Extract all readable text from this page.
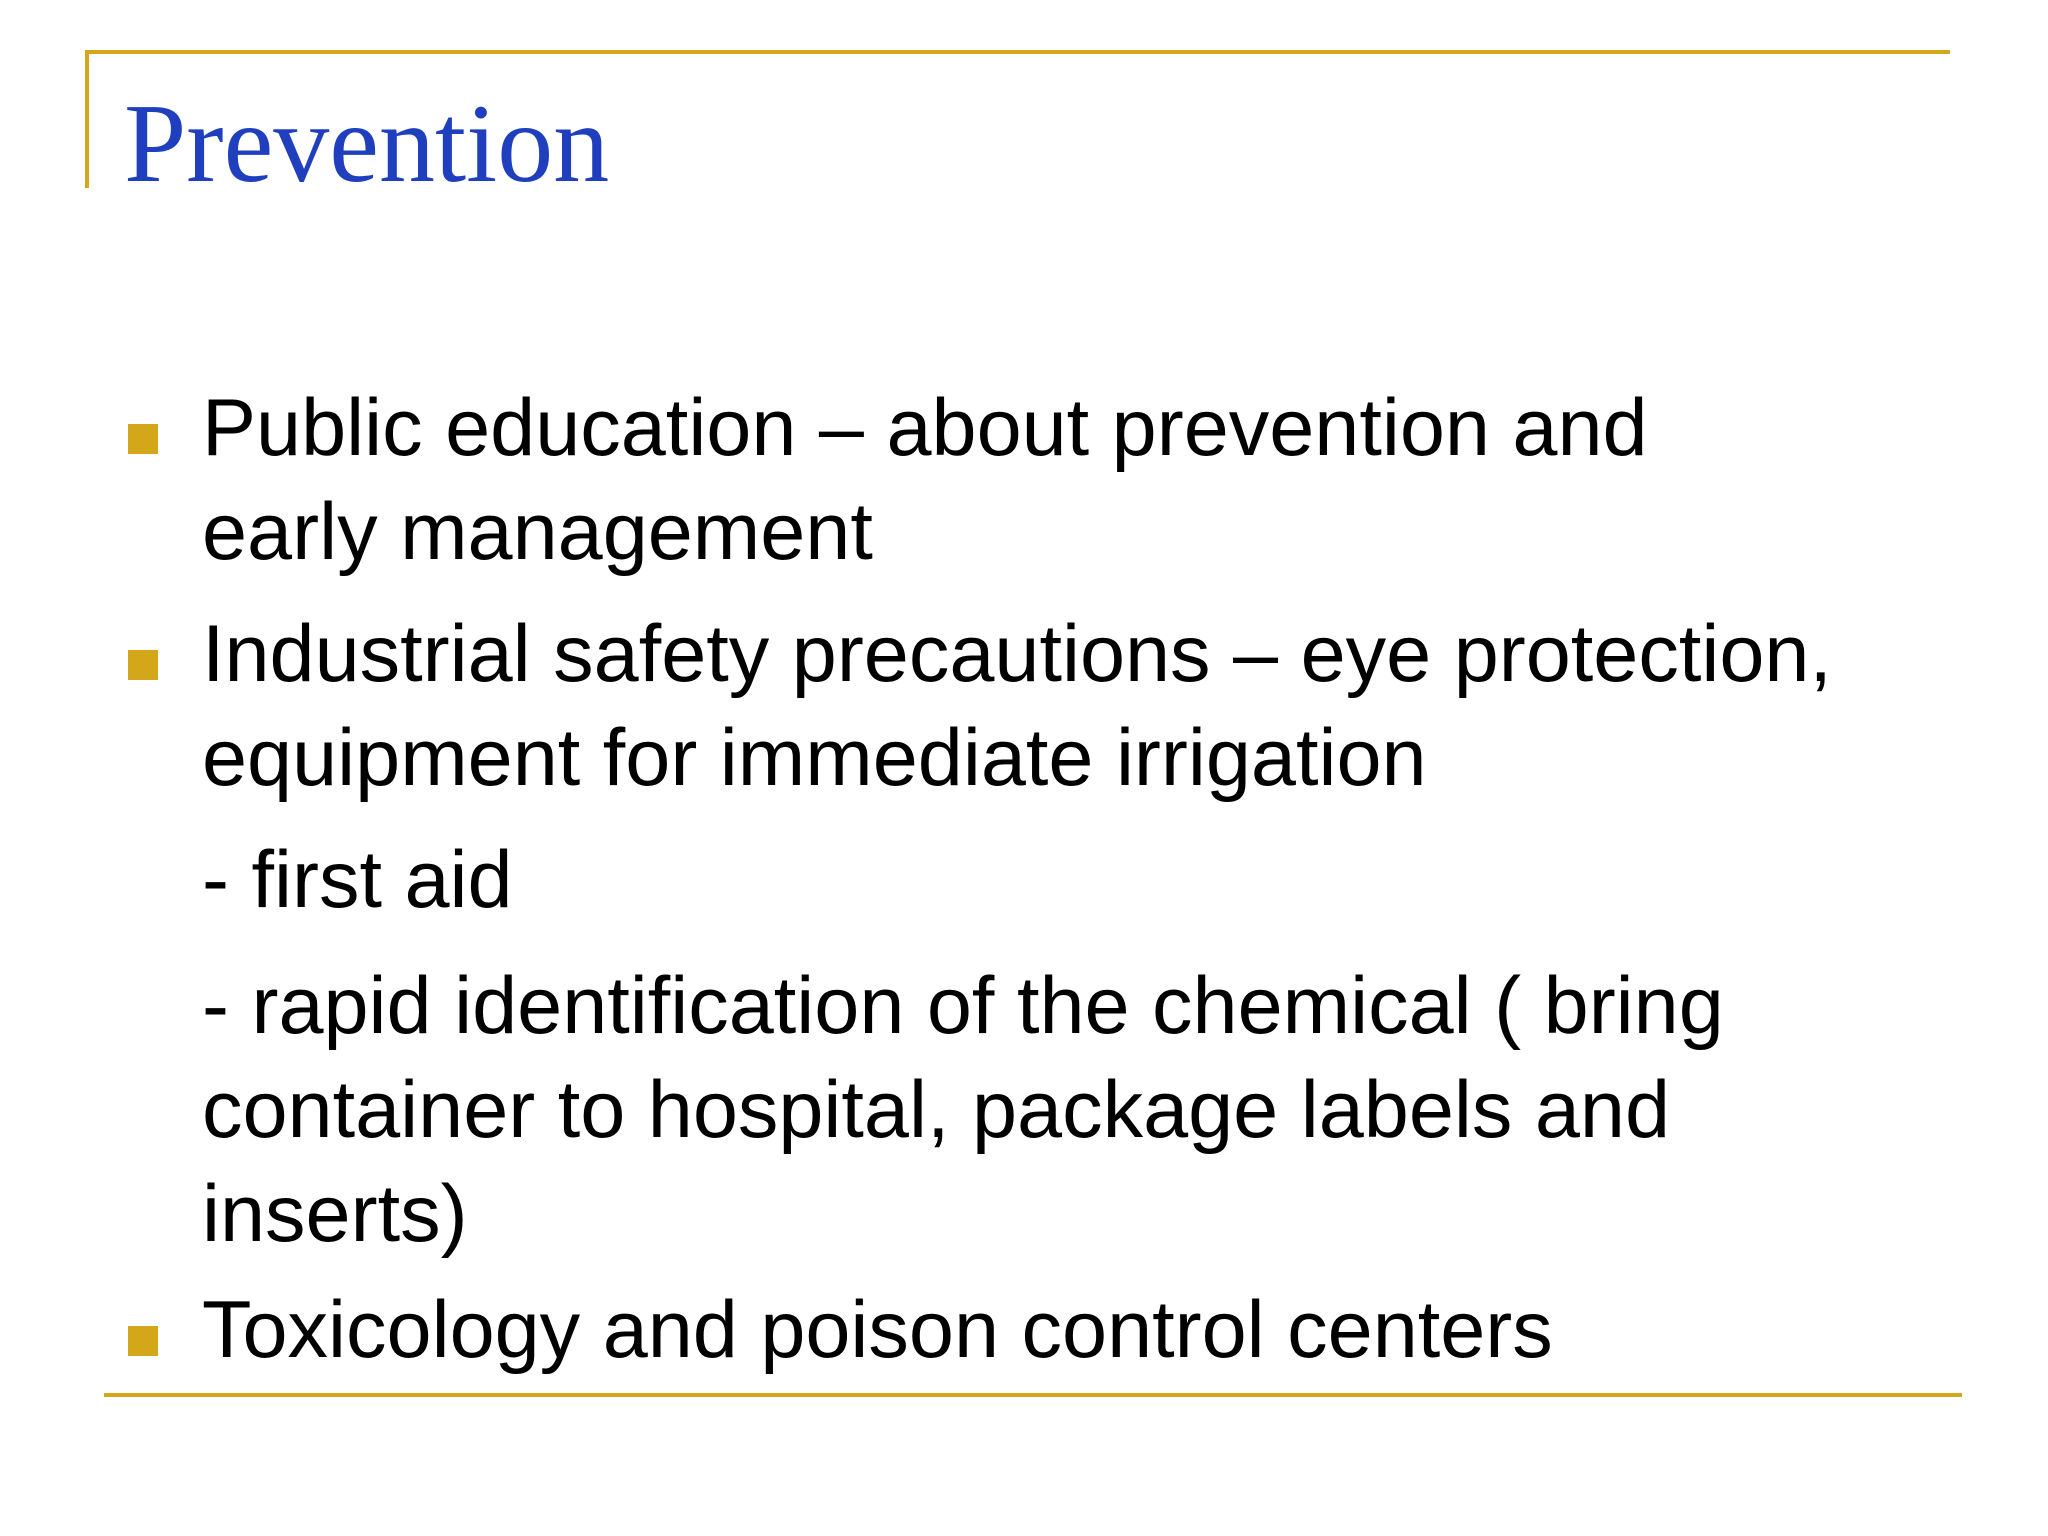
Prevention
Public education – about prevention and
early management
Industrial safety precautions – eye protection,
equipment for immediate irrigation
- first aid
- rapid identification of the chemical ( bring
container to hospital, package labels and
inserts)
Toxicology and poison control centers
